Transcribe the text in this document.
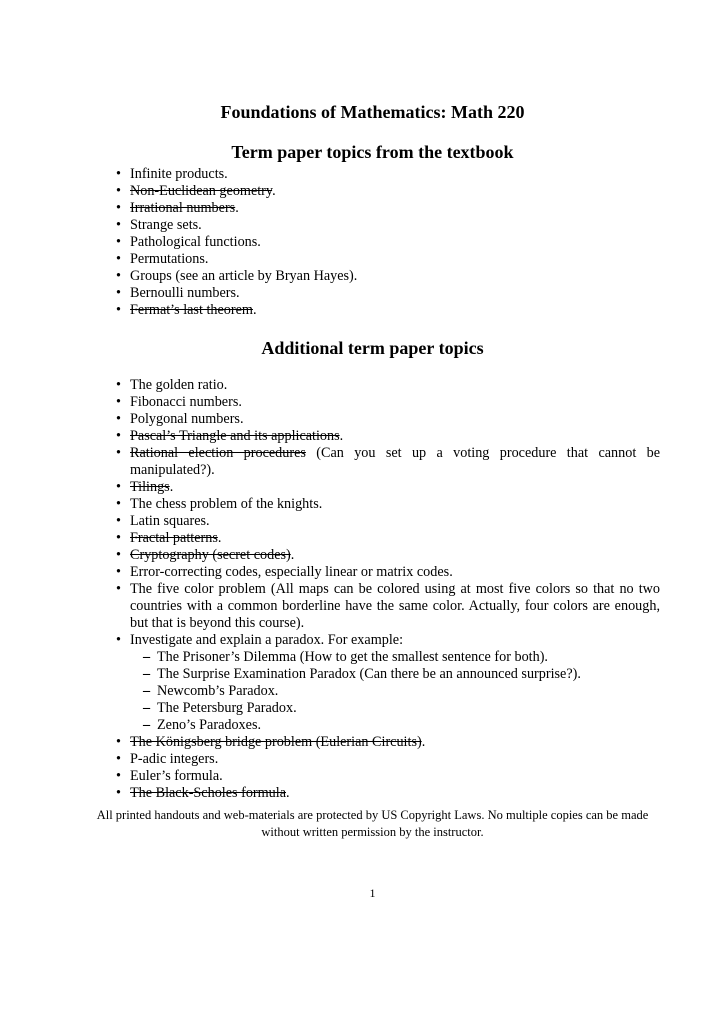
Foundations of Mathematics: Math 220
Term paper topics from the textbook
• Infinite products.
• Non-Euclidean geometry.
• Irrational numbers.
• Strange sets.
• Pathological functions.
• Permutations.
• Groups (see an article by Bryan Hayes).
• Bernoulli numbers.
• Fermat’s last theorem.
Additional term paper topics
• The golden ratio.
• Fibonacci numbers.
• Polygonal numbers.
• Pascal’s Triangle and its applications.
• Rational election procedures (Can you set up a voting procedure that cannot be manipulated?).
• Tilings.
• The chess problem of the knights.
• Latin squares.
• Fractal patterns.
• Cryptography (secret codes).
• Error-correcting codes, especially linear or matrix codes.
• The five color problem (All maps can be colored using at most five colors so that no two countries with a common borderline have the same color. Actually, four colors are enough, but that is beyond this course).
• Investigate and explain a paradox. For example:
– The Prisoner’s Dilemma (How to get the smallest sentence for both).
– The Surprise Examination Paradox (Can there be an announced surprise?).
– Newcomb’s Paradox.
– The Petersburg Paradox.
– Zeno’s Paradoxes.
• The Königsberg bridge problem (Eulerian Circuits).
• P-adic integers.
• Euler’s formula.
• The Black-Scholes formula.

All printed handouts and web-materials are protected by US Copyright Laws. No multiple copies can be made without written permission by the instructor.

1
